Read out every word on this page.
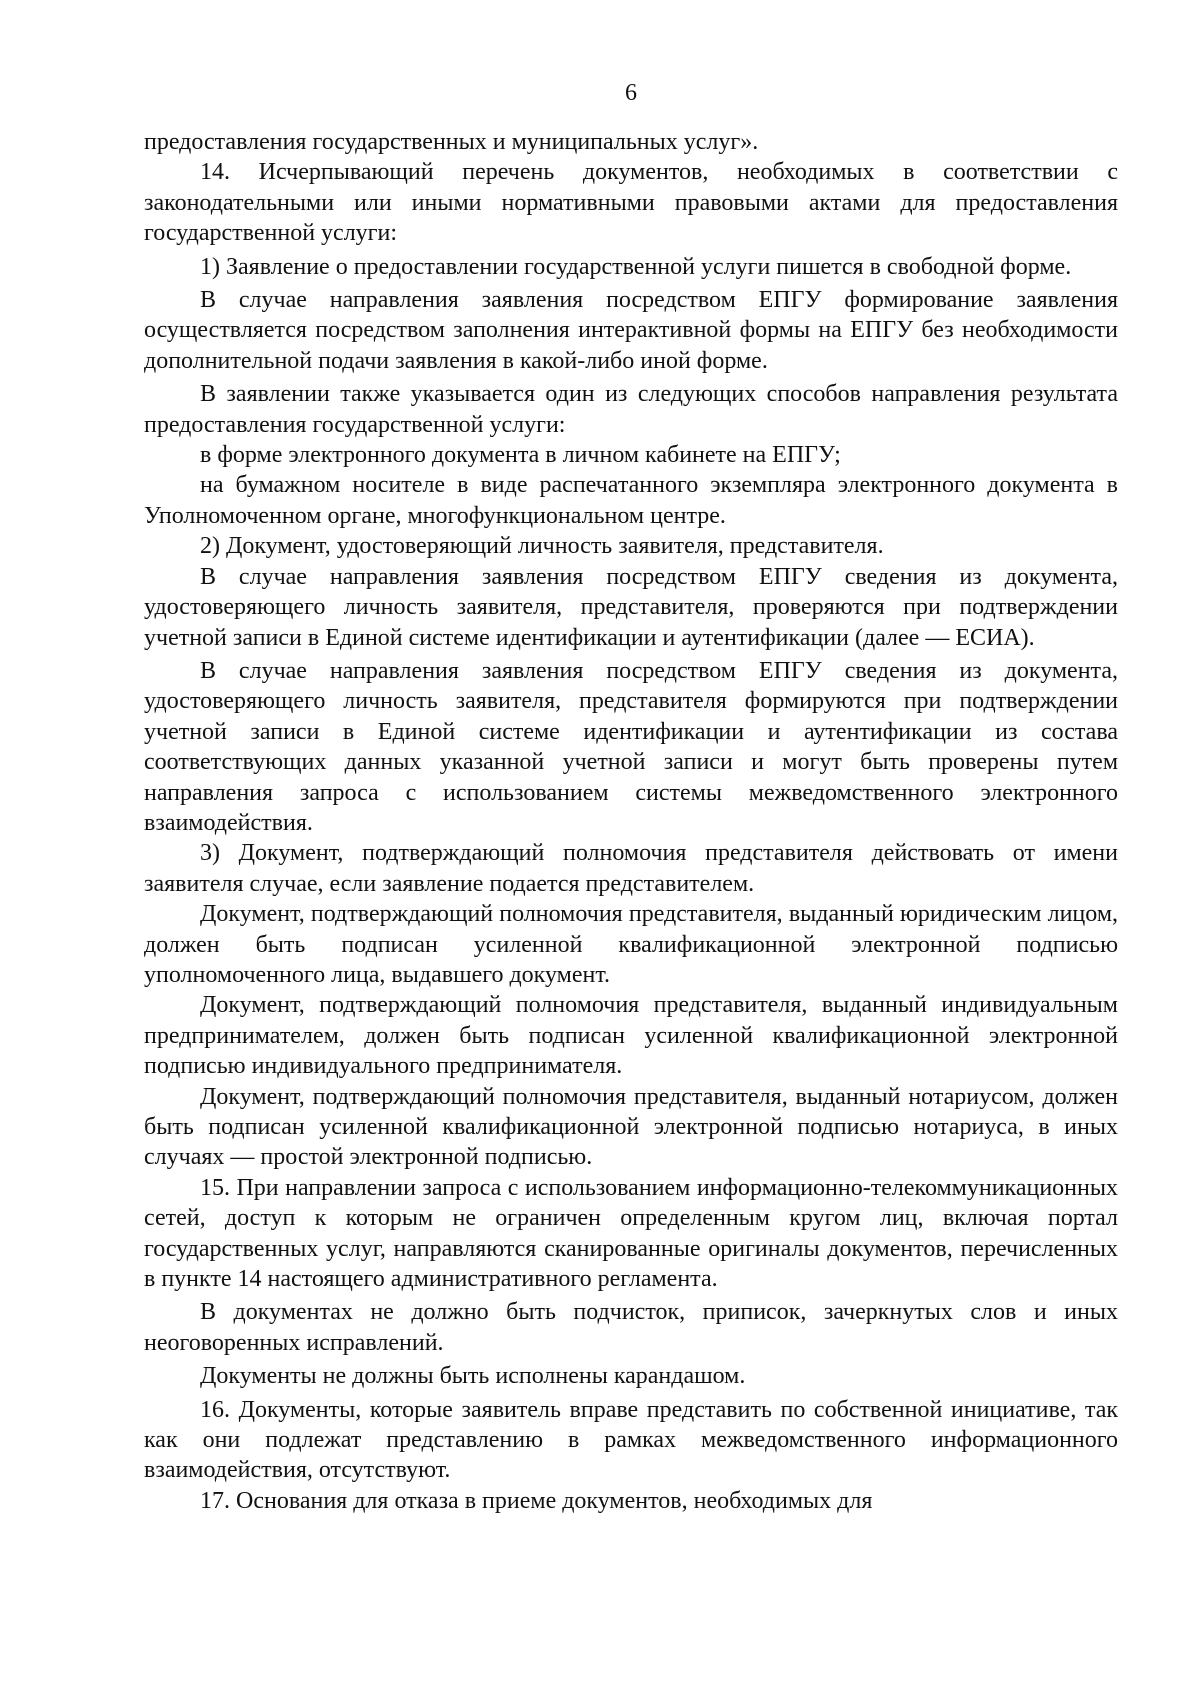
6

предоставления государственных и муниципальных услуг».

14. Исчерпывающий перечень документов, необходимых в соответствии с законодательными или иными нормативными правовыми актами для предоставления государственной услуги:

1) Заявление о предоставлении государственной услуги пишется в свободной форме.

В случае направления заявления посредством ЕПГУ формирование заявления осуществляется посредством заполнения интерактивной формы на ЕПГУ без необходимости дополнительной подачи заявления в какой-либо иной форме.

В заявлении также указывается один из следующих способов направления результата предоставления государственной услуги:

в форме электронного документа в личном кабинете на ЕПГУ;

на бумажном носителе в виде распечатанного экземпляра электронного документа в Уполномоченном органе, многофункциональном центре.

2) Документ, удостоверяющий личность заявителя, представителя.

В случае направления заявления посредством ЕПГУ сведения из документа, удостоверяющего личность заявителя, представителя, проверяются при подтверждении учетной записи в Единой системе идентификации и аутентификации (далее — ЕСИА).

В случае направления заявления посредством ЕПГУ сведения из документа, удостоверяющего личность заявителя, представителя формируются при подтверждении учетной записи в Единой системе идентификации и аутентификации из состава соответствующих данных указанной учетной записи и могут быть проверены путем направления запроса с использованием системы межведомственного электронного взаимодействия.

3) Документ, подтверждающий полномочия представителя действовать от имени заявителя случае, если заявление подается представителем.

Документ, подтверждающий полномочия представителя, выданный юридическим лицом, должен быть подписан усиленной квалификационной электронной подписью уполномоченного лица, выдавшего документ.

Документ, подтверждающий полномочия представителя, выданный индивидуальным предпринимателем, должен быть подписан усиленной квалификационной электронной подписью индивидуального предпринимателя.

Документ, подтверждающий полномочия представителя, выданный нотариусом, должен быть подписан усиленной квалификационной электронной подписью нотариуса, в иных случаях — простой электронной подписью.

15. При направлении запроса с использованием информационно-телекоммуникационных сетей, доступ к которым не ограничен определенным кругом лиц, включая портал государственных услуг, направляются сканированные оригиналы документов, перечисленных в пункте 14 настоящего административного регламента.

В документах не должно быть подчисток, приписок, зачеркнутых слов и иных неоговоренных исправлений.

Документы не должны быть исполнены карандашом.

16. Документы, которые заявитель вправе представить по собственной инициативе, так как они подлежат представлению в рамках межведомственного информационного взаимодействия, отсутствуют.

17. Основания для отказа в приеме документов, необходимых для
